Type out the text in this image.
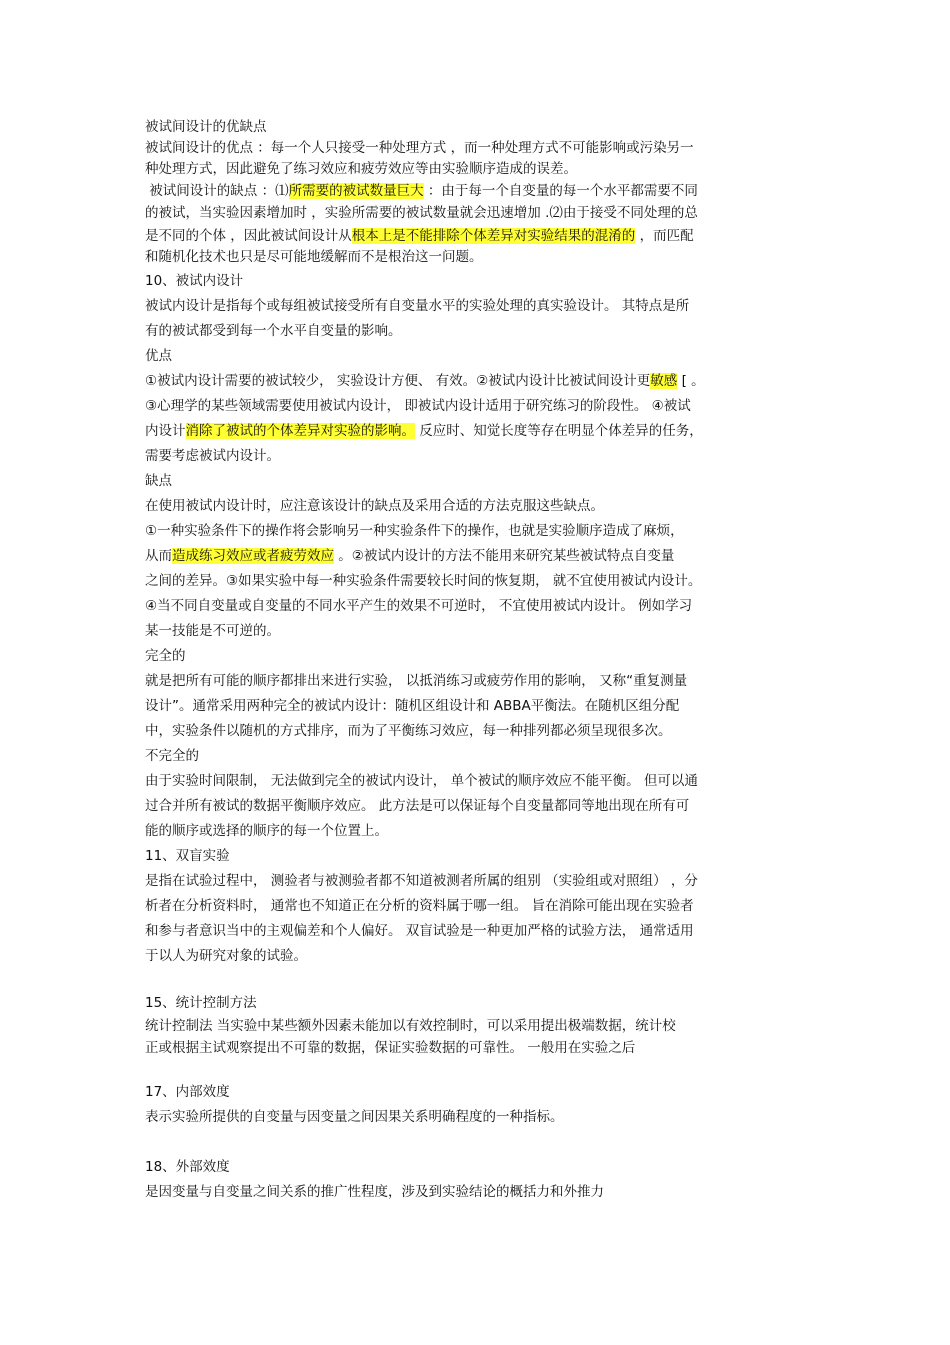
被试间设计的优缺点
被试间设计的优点 ：每一个人只接受一种处理方式 ，而一种处理方式不可能影响或污染另一
种处理方式，因此避免了练习效应和疲劳效应等由实验顺序造成的误差。
被试间设计的缺点 ：⑴所需要的被试数量巨大 ：由于每一个自变量的每一个水平都需要不同
的被试，当实验因素增加时 ，实验所需要的被试数量就会迅速增加 .⑵由于接受不同处理的总
是不同的个体 ，因此被试间设计从根本上是不能排除个体差异对实验结果的混淆的 ，而匹配
和随机化技术也只是尽可能地缓解而不是根治这一问题。
10、被试内设计
被试内设计是指每个或每组被试接受所有自变量水平的实验处理的真实验设计。 其特点是所
有的被试都受到每一个水平自变量的影响。
优点
①被试内设计需要的被试较少， 实验设计方便、 有效。②被试内设计比被试间设计更敏感 [ 。
③心理学的某些领域需要使用被试内设计， 即被试内设计适用于研究练习的阶段性。 ④被试
内设计消除了被试的个体差异对实验的影响。 反应时、知觉长度等存在明显个体差异的任务，
需要考虑被试内设计。
缺点
在使用被试内设计时，应注意该设计的缺点及采用合适的方法克服这些缺点。
①一种实验条件下的操作将会影响另一种实验条件下的操作，也就是实验顺序造成了麻烦，
从而造成练习效应或者疲劳效应 。②被试内设计的方法不能用来研究某些被试特点自变量
之间的差异。③如果实验中每一种实验条件需要较长时间的恢复期， 就不宜使用被试内设计。
④当不同自变量或自变量的不同水平产生的效果不可逆时， 不宜使用被试内设计。 例如学习
某一技能是不可逆的。
完全的
就是把所有可能的顺序都排出来进行实验， 以抵消练习或疲劳作用的影响， 又称“重复测量
设计”。通常采用两种完全的被试内设计：随机区组设计和 ABBA平衡法。在随机区组分配
中，实验条件以随机的方式排序，而为了平衡练习效应，每一种排列都必须呈现很多次。
不完全的
由于实验时间限制， 无法做到完全的被试内设计， 单个被试的顺序效应不能平衡。 但可以通
过合并所有被试的数据平衡顺序效应。 此方法是可以保证每个自变量都同等地出现在所有可
能的顺序或选择的顺序的每一个位置上。
11、双盲实验
是指在试验过程中， 测验者与被测验者都不知道被测者所属的组别 （实验组或对照组） ，分
析者在分析资料时， 通常也不知道正在分析的资料属于哪一组。 旨在消除可能出现在实验者
和参与者意识当中的主观偏差和个人偏好。 双盲试验是一种更加严格的试验方法， 通常适用
于以人为研究对象的试验。
15、统计控制方法
统计控制法 当实验中某些额外因素未能加以有效控制时，可以采用提出极端数据，统计校
正或根据主试观察提出不可靠的数据，保证实验数据的可靠性。 一般用在实验之后
17、内部效度
表示实验所提供的自变量与因变量之间因果关系明确程度的一种指标。
18、外部效度
是因变量与自变量之间关系的推广性程度，涉及到实验结论的概括力和外推力
